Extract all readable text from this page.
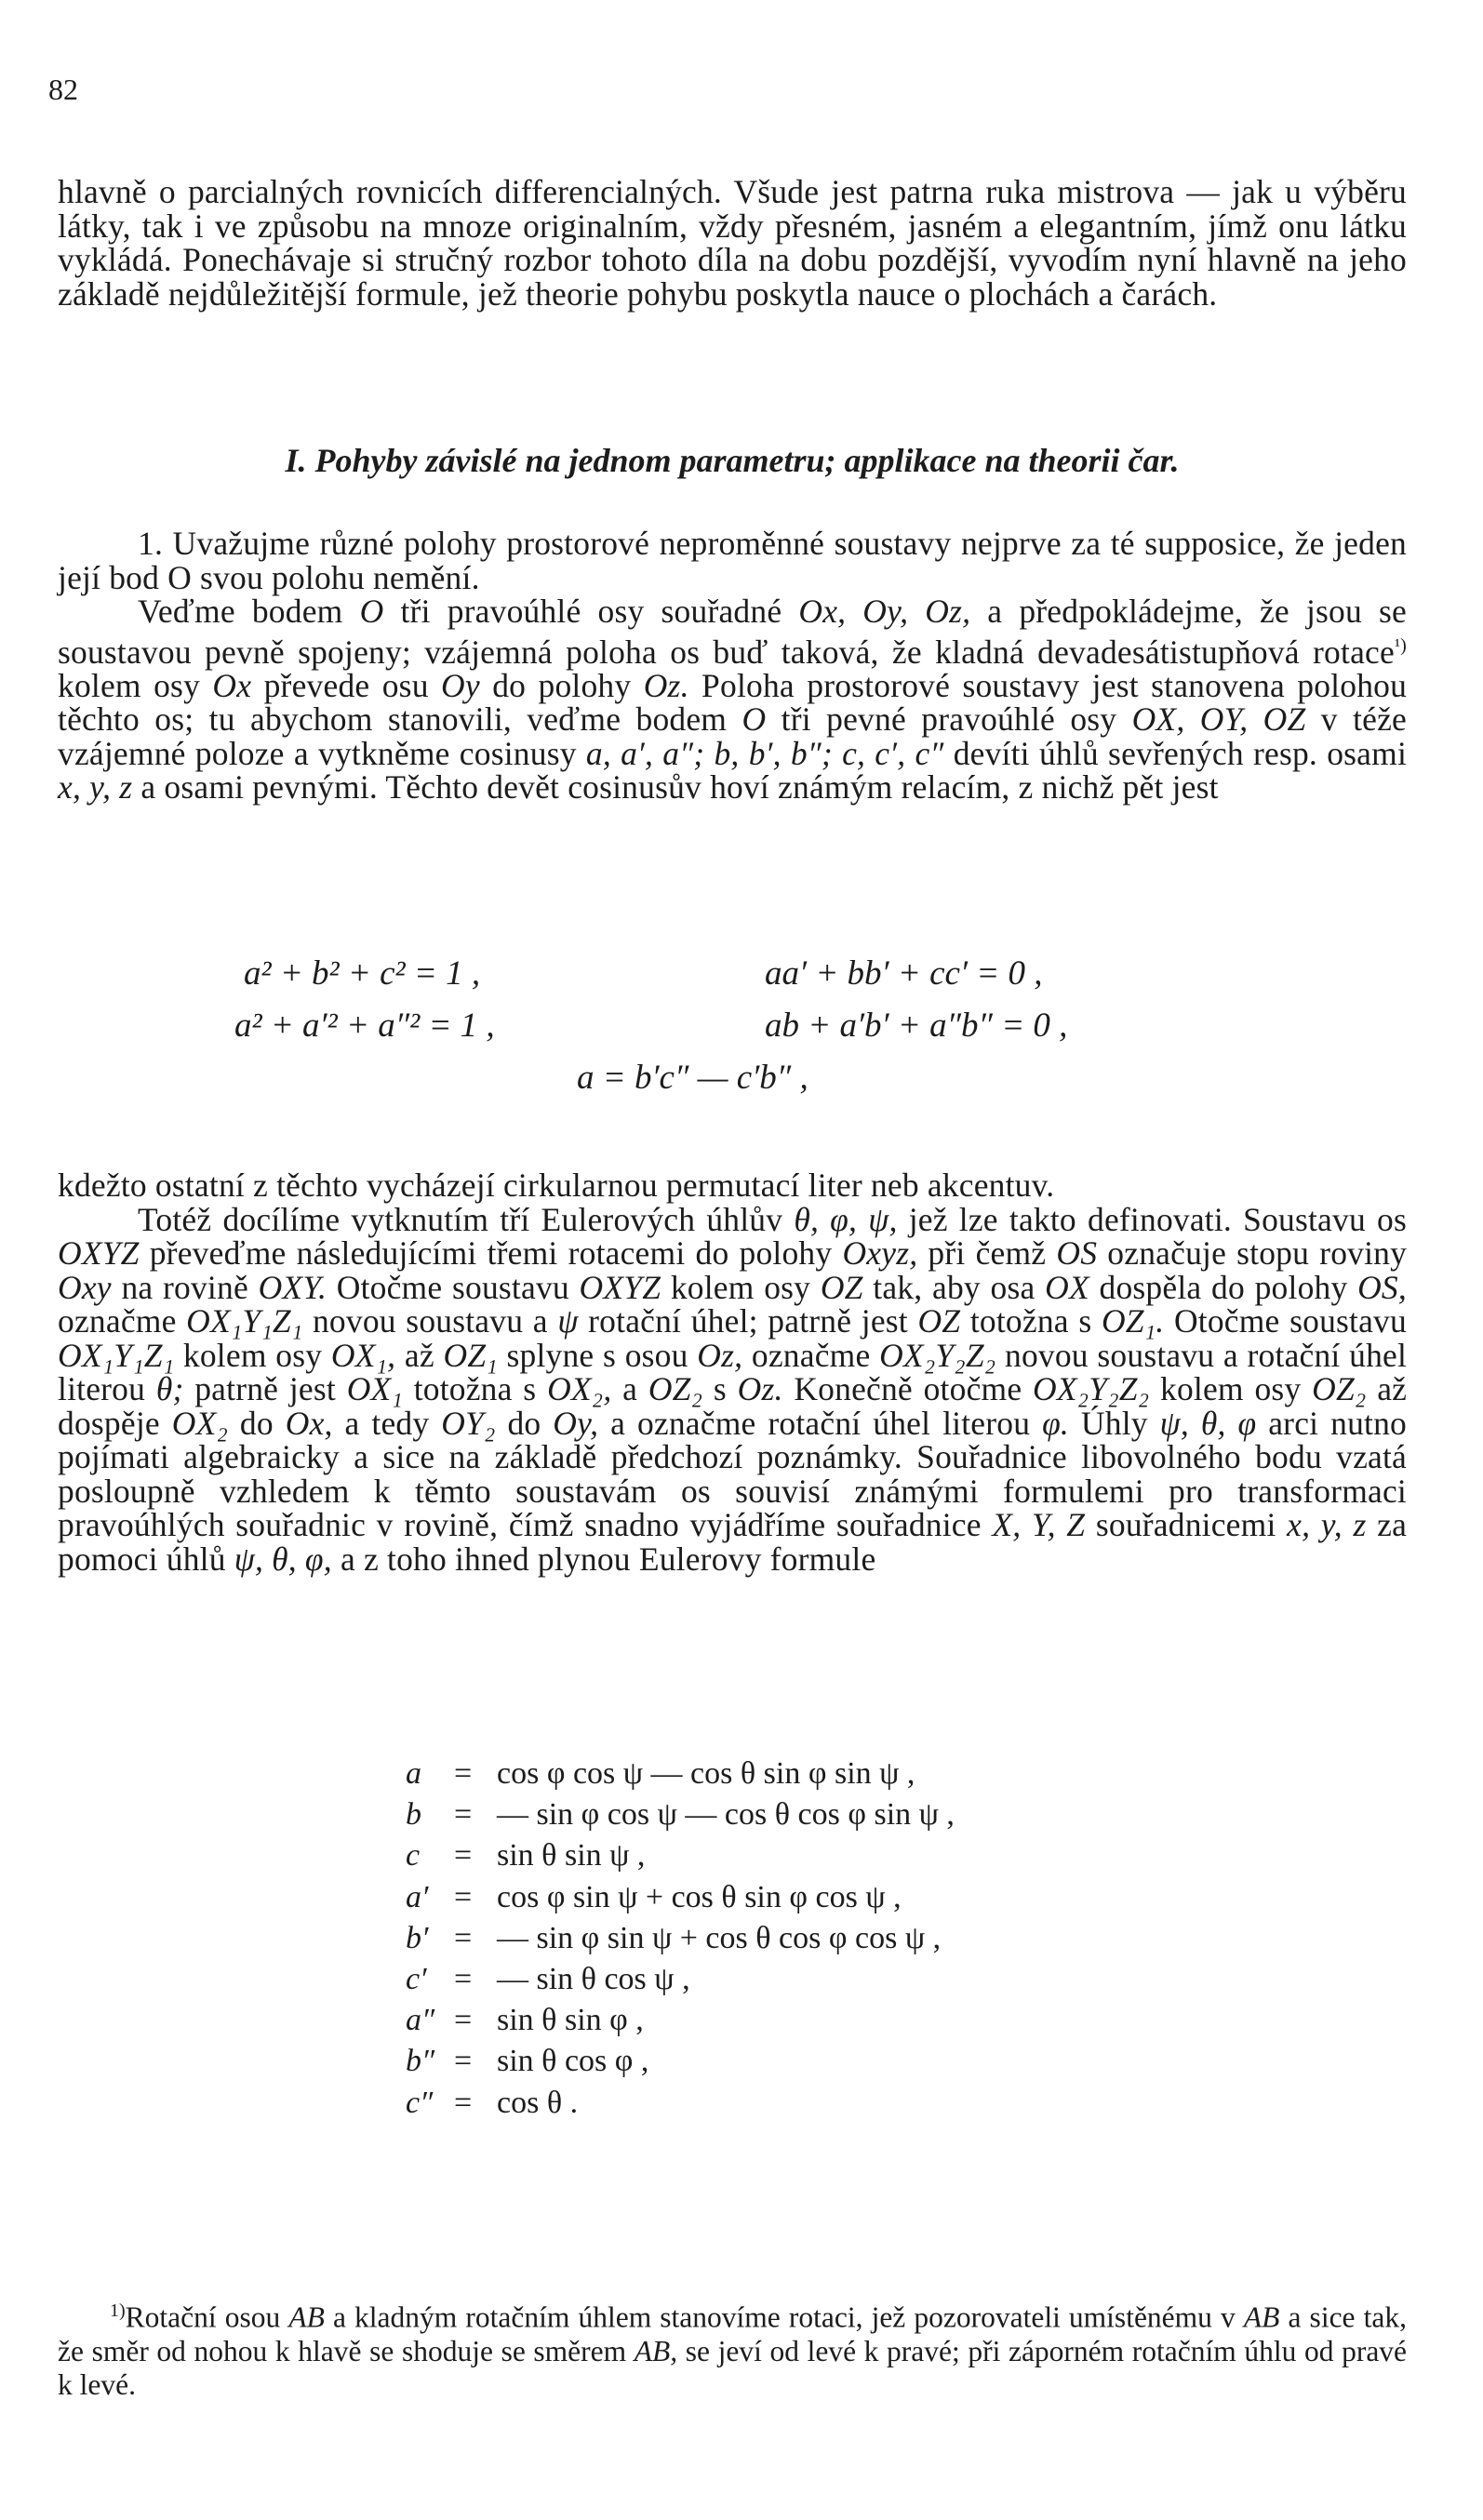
82
hlavně o parcialných rovnicích differencialných. Všude jest patrna ruka mistrova — jak u výběru látky, tak i ve způsobu na mnoze originalním, vždy přesném, jasném a elegantním, jímž onu látku vykládá. Ponechávaje si stručný rozbor tohoto díla na dobu pozdější, vyvodím nyní hlavně na jeho základě nejdůležitější formule, jež theorie pohybu poskytla nauce o plochách a čarách.
I. Pohyby závislé na jednom parametru; applikace na theorii čar.

1. Uvažujme různé polohy prostorové neproměnné soustavy nejprve za té supposice, že jeden její bod O svou polohu nemění.

Veďme bodem O tři pravoúhlé osy souřadné Ox, Oy, Oz, a předpokládejme, že jsou se soustavou pevně spojeny; vzájemná poloha os buď taková, že kladná devadesátistupňová rotace$^{^1)}$ kolem osy Ox převede osu Oy do polohy Oz. Poloha prostorové soustavy jest stanovena polohou těchto os; tu abychom stanovili, veďme bodem O tři pevné pravoúhlé osy OX, OY, OZ v téže vzájemné poloze a vytkněme cosinusy a, a′, a″; b, b′, b″; c, c′, c″ devíti úhlů sevřených resp. osami x, y, z a osami pevnými. Těchto devět cosinusův hoví známým relacím, z nichž pět jest

a² + b² + c² = 1 ,	aa′ + bb′ + cc′ = 0 ,
a² + a′² + a″² = 1 ,	ab + a′b′ + a″b″ = 0 ,
a = b′c″ — c′b″ ,

kdežto ostatní z těchto vycházejí cirkularnou permutací liter neb akcentuv.

Totéž docílíme vytknutím tří Eulerových úhlův θ, φ, ψ, jež lze takto definovati. Soustavu os OXYZ převeďme následujícími třemi rotacemi do polohy Oxyz, při čemž OS označuje stopu roviny Oxy na rovině OXY. Otočme soustavu OXYZ kolem osy OZ tak, aby osa OX dospěla do polohy OS, označme OX₁Y₁Z₁ novou soustavu a ψ rotační úhel; patrně jest OZ totožna s OZ₁. Otočme soustavu OX₁Y₁Z₁ kolem osy OX₁, až OZ₁ splyne s osou Oz, označme OX₂Y₂Z₂ novou soustavu a rotační úhel literou θ; patrně jest OX₁ totožna s OX₂, a OZ₂ s Oz. Konečně otočme OX₂Y₂Z₂ kolem osy OZ₂ až dospěje OX₂ do Ox, a tedy OY₂ do Oy, a označme rotační úhel literou φ. Úhly ψ, θ, φ arci nutno pojímati algebraicky a sice na základě předchozí poznámky. Souřadnice libovolného bodu vzatá posloupně vzhledem k těmto soustavám os souvisí známými formulemi pro transformaci pravoúhlých souřadnic v rovině, čímž snadno vyjádříme souřadnice X, Y, Z souřadnicemi x, y, z za pomoci úhlů ψ, θ, φ, a z toho ihned plynou Eulerovy formule

a = cos φ cos ψ — cos θ sin φ sin ψ ,
b = — sin φ cos ψ — cos θ cos φ sin ψ ,
c = sin θ sin ψ ,
a′ = cos φ sin ψ + cos θ sin φ cos ψ ,
b′ = — sin φ sin ψ + cos θ cos φ cos ψ ,
c′ = — sin θ cos ψ ,
a″ = sin θ sin φ ,
b″ = sin θ cos φ ,
c″ = cos θ .
$^{1)}$Rotační osou AB a kladným rotačním úhlem stanovíme rotaci, jež pozorovateli umístěnému v AB a sice tak, že směr od nohou k hlavě se shoduje se směrem AB, se jeví od levé k pravé; při záporném rotačním úhlu od pravé k levé.
